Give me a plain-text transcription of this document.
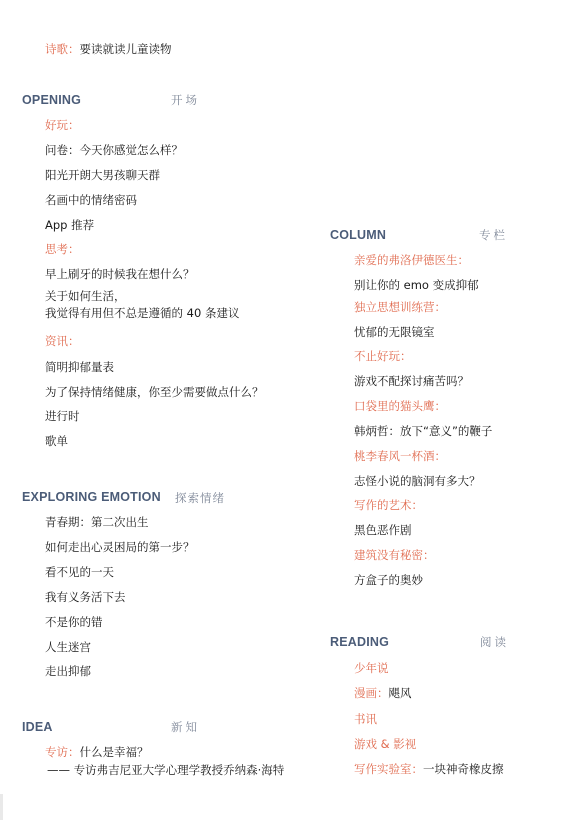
诗歌：要读就读儿童读物
OPENING	开场
好玩：
问卷：今天你感觉怎么样？
阳光开朗大男孩聊天群
名画中的情绪密码
App 推荐
思考：
早上刷牙的时候我在想什么？
关于如何生活，
我觉得有用但不总是遵循的 40 条建议
资讯：
简明抑郁量表
为了保持情绪健康，你至少需要做点什么？
进行时
歌单
EXPLORING EMOTION 探索情绪
青春期：第二次出生
如何走出心灵困局的第一步？
看不见的一天
我有义务活下去
不是你的错
人生迷宫
走出抑郁
IDEA	新知
专访：什么是幸福？
—— 专访弗吉尼亚大学心理学教授乔纳森·海特
COLUMN	专栏
亲爱的弗洛伊德医生：
别让你的 emo 变成抑郁
独立思想训练营：
忧郁的无限镜室
不止好玩：
游戏不配探讨痛苦吗？
口袋里的猫头鹰：
韩炳哲：放下“意义”的鞭子
桃李春风一杯酒：
志怪小说的脑洞有多大？
写作的艺术：
黑色恶作剧
建筑没有秘密：
方盒子的奥妙
READING	阅读
少年说
漫画：飓风
书讯
游戏 & 影视
写作实验室：一块神奇橡皮擦
